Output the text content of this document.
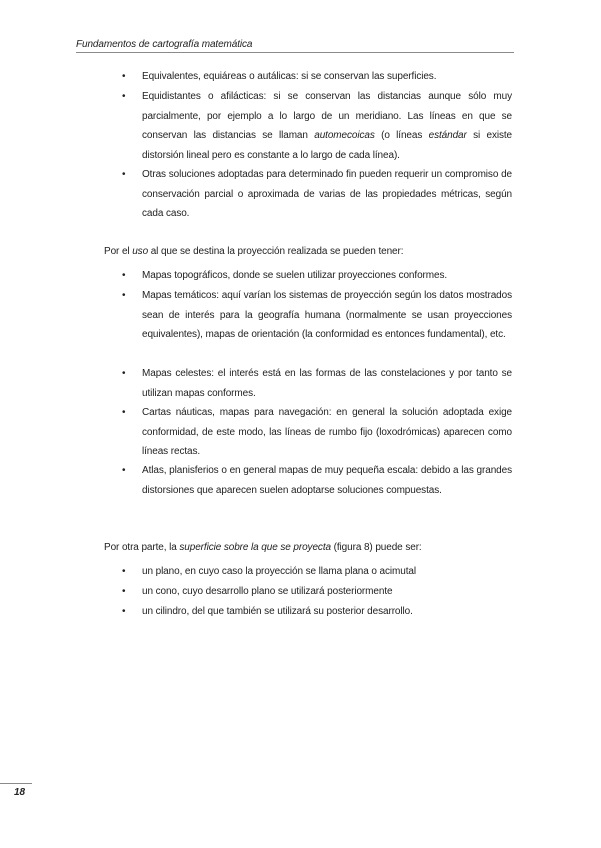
Fundamentos de cartografía matemática
• Equivalentes, equiáreas o autálicas: si se conservan las superficies.
• Equidistantes o afilácticas: si se conservan las distancias aunque sólo muy parcialmente, por ejemplo a lo largo de un meridiano. Las líneas en que se conservan las distancias se llaman automecoicas (o líneas estándar si existe distorsión lineal pero es constante a lo largo de cada línea).
• Otras soluciones adoptadas para determinado fin pueden requerir un compromiso de conservación parcial o aproximada de varias de las propiedades métricas, según cada caso.

Por el uso al que se destina la proyección realizada se pueden tener:

• Mapas topográficos, donde se suelen utilizar proyecciones conformes.
• Mapas temáticos: aquí varían los sistemas de proyección según los datos mostrados sean de interés para la geografía humana (normalmente se usan proyecciones equivalentes), mapas de orientación (la conformidad es entonces fundamental), etc.
• Mapas celestes: el interés está en las formas de las constelaciones y por tanto se utilizan mapas conformes.
• Cartas náuticas, mapas para navegación: en general la solución adoptada exige conformidad, de este modo, las líneas de rumbo fijo (loxodrómicas) aparecen como líneas rectas.
• Atlas, planisferios o en general mapas de muy pequeña escala: debido a las grandes distorsiones que aparecen suelen adoptarse soluciones compuestas.

Por otra parte, la superficie sobre la que se proyecta (figura 8) puede ser:

• un plano, en cuyo caso la proyección se llama plana o acimutal
• un cono, cuyo desarrollo plano se utilizará posteriormente
• un cilindro, del que también se utilizará su posterior desarrollo.
18
